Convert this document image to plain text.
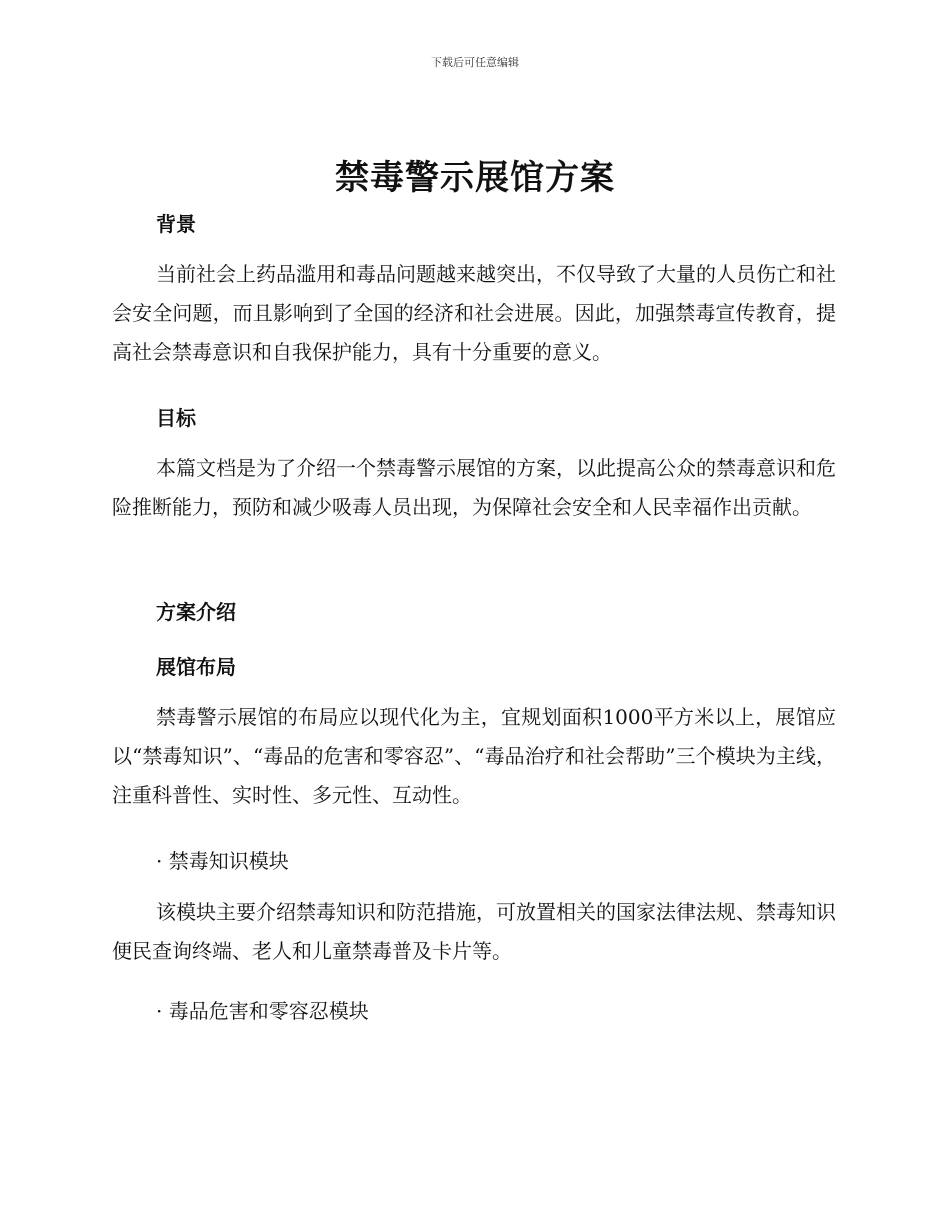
下载后可任意编辑
禁毒警示展馆方案
背景
当前社会上药品滥用和毒品问题越来越突出，不仅导致了大量的人员伤亡和社会安全问题，而且影响到了全国的经济和社会进展。因此，加强禁毒宣传教育，提高社会禁毒意识和自我保护能力，具有十分重要的意义。
目标
本篇文档是为了介绍一个禁毒警示展馆的方案，以此提高公众的禁毒意识和危险推断能力，预防和减少吸毒人员出现，为保障社会安全和人民幸福作出贡献。
方案介绍
展馆布局
禁毒警示展馆的布局应以现代化为主，宜规划面积1000平方米以上，展馆应以“禁毒知识”、“毒品的危害和零容忍”、“毒品治疗和社会帮助”三个模块为主线，注重科普性、实时性、多元性、互动性。
· 禁毒知识模块
该模块主要介绍禁毒知识和防范措施，可放置相关的国家法律法规、禁毒知识便民查询终端、老人和儿童禁毒普及卡片等。
· 毒品危害和零容忍模块
